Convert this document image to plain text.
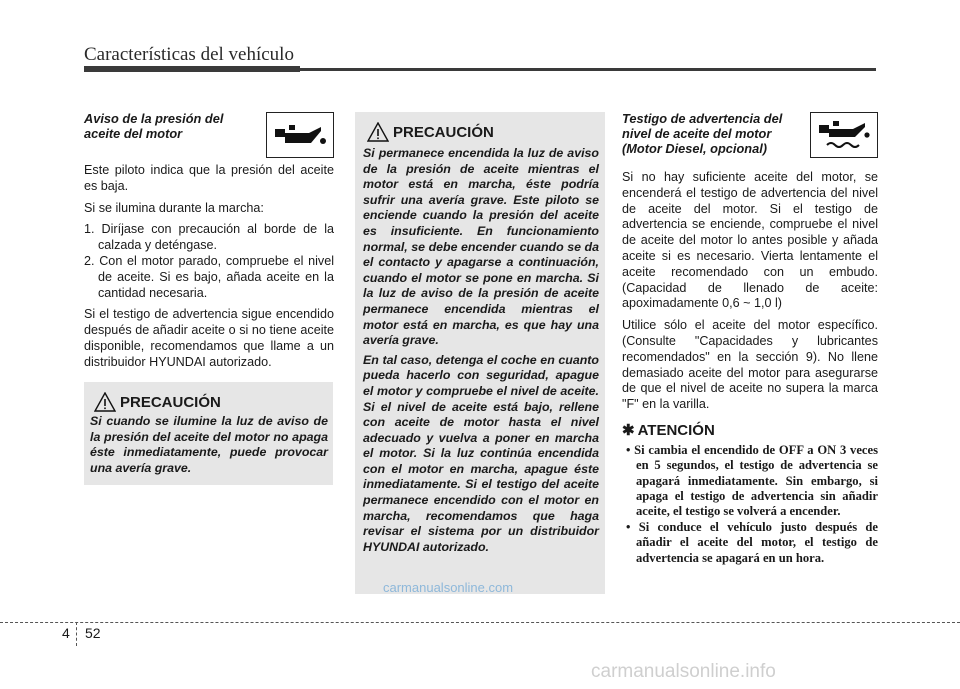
Características del vehículo
Aviso de la presión del aceite del motor

Este piloto indica que la presión del aceite es baja.

Si se ilumina durante la marcha:

1. Diríjase con precaución al borde de la calzada y deténgase.
2. Con el motor parado, compruebe el nivel de aceite. Si es bajo, añada aceite en la cantidad necesaria.

Si el testigo de advertencia sigue encendido después de añadir aceite o si no tiene aceite disponible, recomendamos que llame a un distribuidor HYUNDAI autorizado.

PRECAUCIÓN
Si cuando se ilumine la luz de aviso de la presión del aceite del motor no apaga éste inmediatamente, puede provocar una avería grave.
PRECAUCIÓN

Si permanece encendida la luz de aviso de la presión de aceite mientras el motor está en marcha, éste podría sufrir una avería grave. Este piloto se enciende cuando la presión del aceite es insuficiente. En funcionamiento normal, se debe encender cuando se da el contacto y apagarse a continuación, cuando el motor se pone en marcha. Si la luz de aviso de la presión de aceite permanece encendida mientras el motor está en marcha, es que hay una avería grave.

En tal caso, detenga el coche en cuanto pueda hacerlo con seguridad, apague el motor y compruebe el nivel de aceite. Si el nivel de aceite está bajo, rellene con aceite de motor hasta el nivel adecuado y vuelva a poner en marcha el motor. Si la luz continúa encendida con el motor en marcha, apague éste inmediatamente. Si el testigo del aceite permanece encendido con el motor en marcha, recomendamos que haga revisar el sistema por un distribuidor HYUNDAI autorizado.

Testigo de advertencia del nivel de aceite del motor (Motor Diesel, opcional)

Si no hay suficiente aceite del motor, se encenderá el testigo de advertencia del nivel de aceite del motor. Si el testigo de advertencia se enciende, compruebe el nivel de aceite del motor lo antes posible y añada aceite si es necesario. Vierta lentamente el aceite recomendado con un embudo. (Capacidad de llenado de aceite: apoximadamente 0,6 ~ 1,0 l)

Utilice sólo el aceite del motor específico. (Consulte "Capacidades y lubricantes recomendados" en la sección 9). No llene demasiado aceite del motor para asegurarse de que el nivel de aceite no supera la marca "F" en la varilla.

✱ ATENCIÓN
• Si cambia el encendido de OFF a ON 3 veces en 5 segundos, el testigo de advertencia se apagará inmediatamente. Sin embargo, si apaga el testigo de advertencia sin añadir aceite, el testigo se volverá a encender.
• Si conduce el vehículo justo después de añadir el aceite del motor, el testigo de advertencia se apagará en un hora.
4 52
carmanualsonline.com
carmanualsonline.info
